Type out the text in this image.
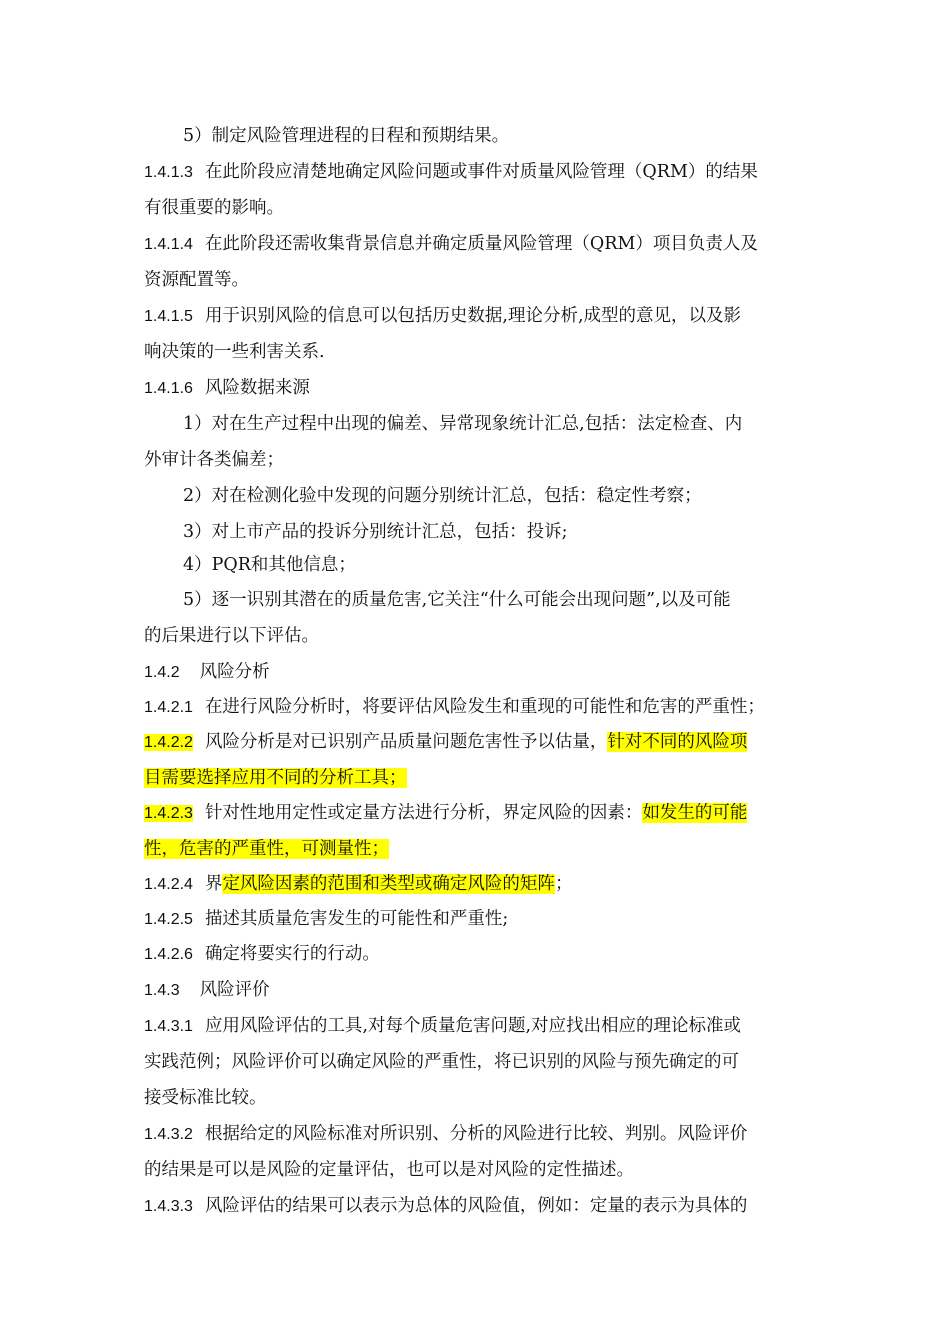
5）制定风险管理进程的日程和预期结果。
1.4.1.3 在此阶段应清楚地确定风险问题或事件对质量风险管理（QRM）的结果
有很重要的影响。
1.4.1.4 在此阶段还需收集背景信息并确定质量风险管理（QRM）项目负责人及
资源配置等。
1.4.1.5 用于识别风险的信息可以包括历史数据,理论分析,成型的意见，以及影
响决策的一些利害关系.
1.4.1.6 风险数据来源
1）对在生产过程中出现的偏差、异常现象统计汇总,包括：法定检查、内
外审计各类偏差；
2）对在检测化验中发现的问题分别统计汇总，包括：稳定性考察；
3）对上市产品的投诉分别统计汇总，包括：投诉;
4）PQR和其他信息；
5）逐一识别其潜在的质量危害,它关注“什么可能会出现问题”,以及可能
的后果进行以下评估。
1.4.2 风险分析
1.4.2.1 在进行风险分析时，将要评估风险发生和重现的可能性和危害的严重性；
1.4.2.2 风险分析是对已识别产品质量问题危害性予以估量，针对不同的风险项
目需要选择应用不同的分析工具；
1.4.2.3 针对性地用定性或定量方法进行分析，界定风险的因素：如发生的可能
性，危害的严重性，可测量性；
1.4.2.4 界定风险因素的范围和类型或确定风险的矩阵；
1.4.2.5 描述其质量危害发生的可能性和严重性;
1.4.2.6 确定将要实行的行动。
1.4.3 风险评价
1.4.3.1 应用风险评估的工具,对每个质量危害问题,对应找出相应的理论标准或
实践范例；风险评价可以确定风险的严重性，将已识别的风险与预先确定的可
接受标准比较。
1.4.3.2 根据给定的风险标准对所识别、分析的风险进行比较、判别。风险评价
的结果是可以是风险的定量评估，也可以是对风险的定性描述。
1.4.3.3 风险评估的结果可以表示为总体的风险值，例如：定量的表示为具体的
